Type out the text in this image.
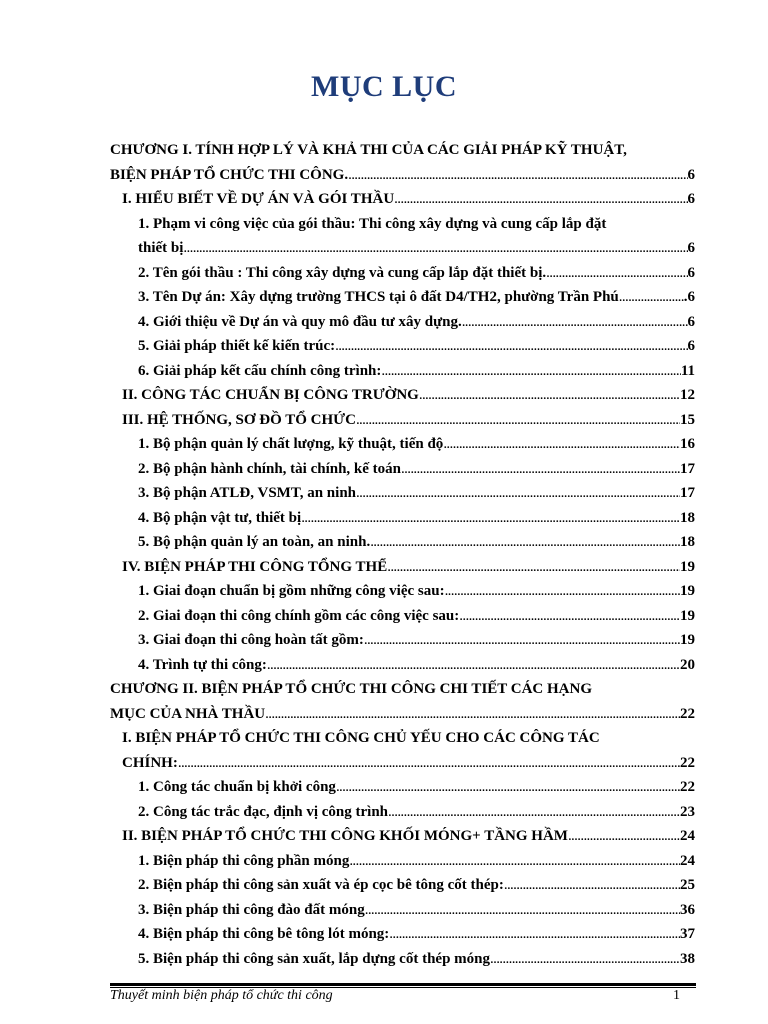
MỤC LỤC
CHƯƠNG I. TÍNH HỢP LÝ VÀ KHẢ THI CỦA CÁC GIẢI PHÁP KỸ THUẬT,
BIỆN PHÁP TỔ CHỨC THI CÔNG. . . .	6
I. HIỂU BIẾT VỀ DỰ ÁN VÀ GÓI THẦU . . .	6
1. Phạm vi công việc của gói thầu: Thi công xây dựng và cung cấp lắp đặt
thiết bị . . .	6
2. Tên gói thầu : Thi công xây dựng và cung cấp lắp đặt thiết bị. . . .	6
3. Tên Dự án: Xây dựng trường THCS tại ô đất D4/TH2, phường Trần Phú . . .	.6
4. Giới thiệu về Dự án và quy mô đầu tư xây dựng. . . .	6
5. Giải pháp thiết kế kiến trúc: . . .	6
6. Giải pháp kết cấu chính công trình: . . .	11
II. CÔNG TÁC CHUẨN BỊ CÔNG TRƯỜNG . . .	12
III. HỆ THỐNG, SƠ ĐỒ TỔ CHỨC . . .	15
1. Bộ phận quản lý chất lượng, kỹ thuật, tiến độ . . .	16
2. Bộ phận hành chính, tài chính, kế toán . . .	17
3. Bộ phận ATLĐ, VSMT, an ninh . . .	17
4. Bộ phận vật tư, thiết bị . . .	18
5. Bộ phận quản lý an toàn, an ninh. . . .	18
IV. BIỆN PHÁP THI CÔNG TỔNG THỂ . . .	19
1. Giai đoạn chuẩn bị gồm những công việc sau: . . .	19
2. Giai đoạn thi công chính gồm các công việc sau: . . .	19
3. Giai đoạn thi công hoàn tất gồm: . . .	19
4. Trình tự thi công: . . .	20
CHƯƠNG II. BIỆN PHÁP TỔ CHỨC THI CÔNG CHI TIẾT CÁC HẠNG
MỤC CỦA NHÀ THẦU . . .	22
I. BIỆN PHÁP TỔ CHỨC THI CÔNG CHỦ YẾU CHO CÁC CÔNG TÁC
CHÍNH: . . .	22
1. Công tác chuẩn bị khởi công . . .	22
2. Công tác trắc đạc, định vị công trình . . .	23
II. BIỆN PHÁP TỔ CHỨC THI CÔNG KHỐI MÓNG+ TẦNG HẦM . . .	24
1. Biện pháp thi công phần móng . . .	24
2. Biện pháp thi công sản xuất và ép cọc bê tông cốt thép: . . .	25
3. Biện pháp thi công đào đất móng . . .	36
4. Biện pháp thi công bê tông lót móng: . . .	37
5. Biện pháp thi công sản xuất, lắp dựng cốt thép móng . . .	38
Thuyết minh biện pháp tổ chức thi công	1
